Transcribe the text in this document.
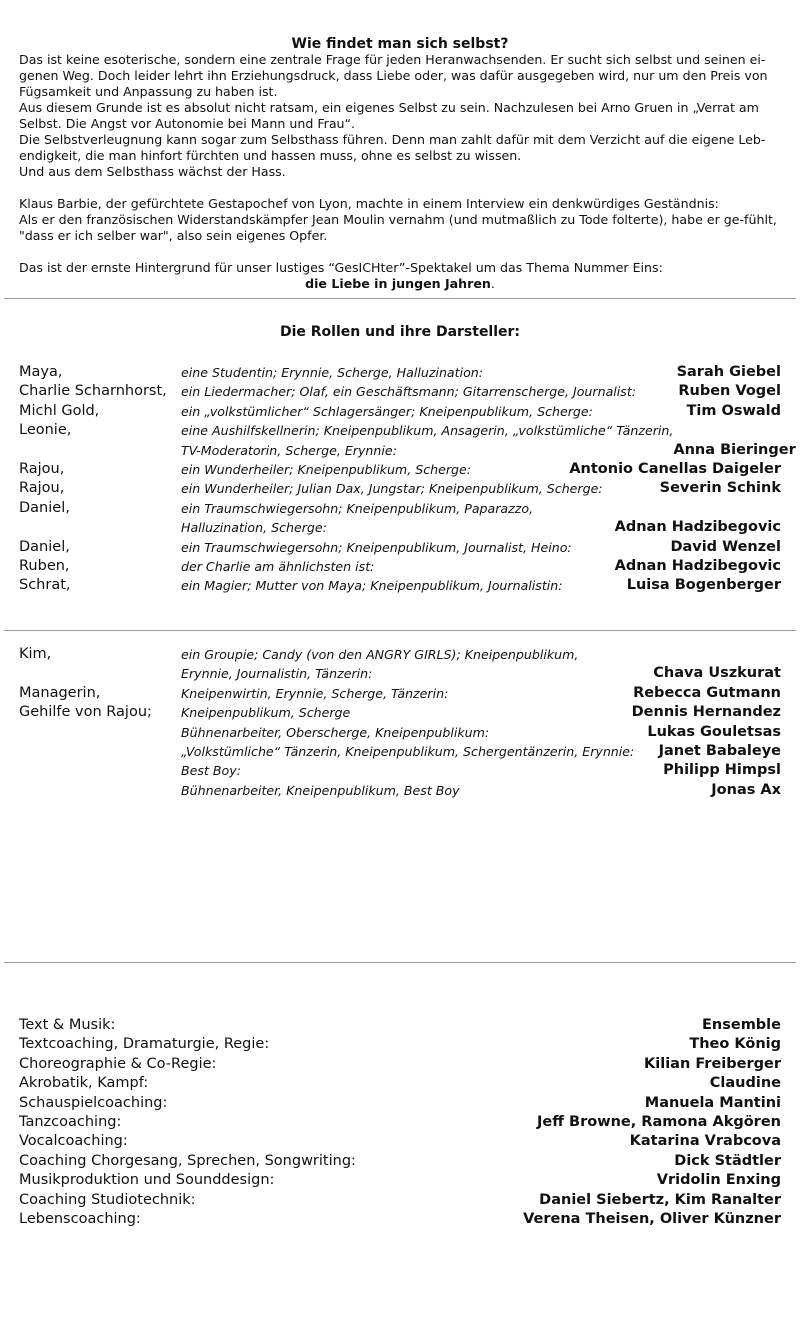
Wie findet man sich selbst?

Das ist keine esoterische, sondern eine zentrale Frage für jeden Heranwachsenden. Er sucht sich selbst und seinen ei-genen Weg. Doch leider lehrt ihn Erziehungsdruck, dass Liebe oder, was dafür ausgegeben wird, nur um den Preis von Fügsamkeit und Anpassung zu haben ist.

Aus diesem Grunde ist es absolut nicht ratsam, ein eigenes Selbst zu sein. Nachzulesen bei Arno Gruen in „Verrat am Selbst. Die Angst vor Autonomie bei Mann und Frau“.

Die Selbstverleugnung kann sogar zum Selbsthass führen. Denn man zahlt dafür mit dem Verzicht auf die eigene Leb-endigkeit, die man hinfort fürchten und hassen muss, ohne es selbst zu wissen.

Und aus dem Selbsthass wächst der Hass.

Klaus Barbie, der gefürchtete Gestapochef von Lyon, machte in einem Interview ein denkwürdiges Geständnis:

Als er den französischen Widerstandskämpfer Jean Moulin vernahm (und mutmaßlich zu Tode folterte), habe er ge-fühlt, "dass er ich selber war", also sein eigenes Opfer.

Das ist der ernste Hintergrund für unser lustiges “GesICHter”-Spektakel um das Thema Nummer Eins:

die Liebe in jungen Jahren.

Die Rollen und ihre Darsteller:
Maya,	eine Studentin; Erynnie, Scherge, Halluzination:	Sarah Giebel
Charlie Scharnhorst,	ein Liedermacher; Olaf, ein Geschäftsmann; Gitarrenscherge, Journalist:	Ruben Vogel
Michl Gold,	ein „volkstümlicher“ Schlagersänger; Kneipenpublikum, Scherge:	Tim Oswald
Leonie,	eine Aushilfskellnerin; Kneipenpublikum, Ansagerin, „volkstümliche“ Tänzerin,
TV-Moderatorin, Scherge, Erynnie:	Anna Bieringer
Rajou,	ein Wunderheiler; Kneipenpublikum, Scherge:	Antonio Canellas Daigeler
Rajou,	ein Wunderheiler; Julian Dax, Jungstar; Kneipenpublikum, Scherge:	Severin Schink
Daniel,	ein Traumschwiegersohn; Kneipenpublikum, Paparazzo,
Halluzination, Scherge:	Adnan Hadzibegovic
Daniel,	ein Traumschwiegersohn; Kneipenpublikum, Journalist, Heino:	David Wenzel
Ruben,	der Charlie am ähnlichsten ist:	Adnan Hadzibegovic
Schrat,	ein Magier; Mutter von Maya; Kneipenpublikum, Journalistin:	Luisa Bogenberger
Kim,	ein Groupie; Candy (von den ANGRY GIRLS); Kneipenpublikum,
Erynnie, Journalistin, Tänzerin:	Chava Uszkurat
Managerin,	Kneipenwirtin, Erynnie, Scherge, Tänzerin:	Rebecca Gutmann
Gehilfe von Rajou;	Kneipenpublikum, Scherge	Dennis Hernandez
Bühnenarbeiter, Oberscherge, Kneipenpublikum:	Lukas Gouletsas
„Volkstümliche“ Tänzerin, Kneipenpublikum, Schergentänzerin, Erynnie:	Janet Babaleye
Best Boy:	Philipp Himpsl
Bühnenarbeiter, Kneipenpublikum, Best Boy	Jonas Ax
Text & Musik:	Ensemble
Textcoaching, Dramaturgie, Regie:	Theo König
Choreographie & Co-Regie:	Kilian Freiberger
Akrobatik, Kampf:	Claudine
Schauspielcoaching:	Manuela Mantini
Tanzcoaching:	Jeff Browne, Ramona Akgören
Vocalcoaching:	Katarina Vrabcova
Coaching Chorgesang, Sprechen, Songwriting:	Dick Städtler
Musikproduktion und Sounddesign:	Vridolin Enxing
Coaching Studiotechnik:	Daniel Siebertz, Kim Ranalter
Lebenscoaching:	Verena Theisen, Oliver Künzner
